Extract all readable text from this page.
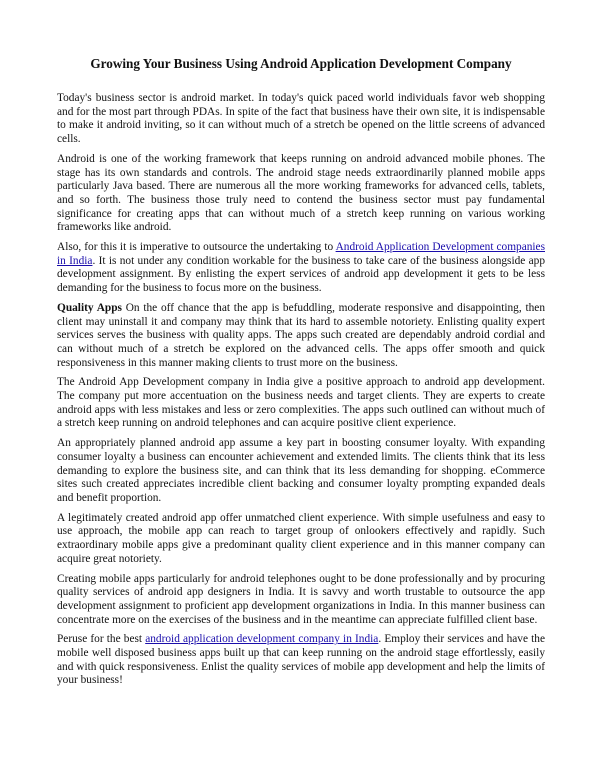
Growing Your Business Using Android Application Development Company

Today's business sector is android market. In today's quick paced world individuals favor web shopping and for the most part through PDAs. In spite of the fact that business have their own site, it is indispensable to make it android inviting, so it can without much of a stretch be opened on the little screens of advanced cells.

Android is one of the working framework that keeps running on android advanced mobile phones. The stage has its own standards and controls. The android stage needs extraordinarily planned mobile apps particularly Java based. There are numerous all the more working frameworks for advanced cells, tablets, and so forth. The business those truly need to contend the business sector must pay fundamental significance for creating apps that can without much of a stretch keep running on various working frameworks like android.

Also, for this it is imperative to outsource the undertaking to Android Application Development companies in India. It is not under any condition workable for the business to take care of the business alongside app development assignment. By enlisting the expert services of android app development it gets to be less demanding for the business to focus more on the business.

Quality Apps On the off chance that the app is befuddling, moderate responsive and disappointing, then client may uninstall it and company may think that its hard to assemble notoriety. Enlisting quality expert services serves the business with quality apps. The apps such created are dependably android cordial and can without much of a stretch be explored on the advanced cells. The apps offer smooth and quick responsiveness in this manner making clients to trust more on the business.

The Android App Development company in India give a positive approach to android app development. The company put more accentuation on the business needs and target clients. They are experts to create android apps with less mistakes and less or zero complexities. The apps such outlined can without much of a stretch keep running on android telephones and can acquire positive client experience.

An appropriately planned android app assume a key part in boosting consumer loyalty. With expanding consumer loyalty a business can encounter achievement and extended limits. The clients think that its less demanding to explore the business site, and can think that its less demanding for shopping. eCommerce sites such created appreciates incredible client backing and consumer loyalty prompting expanded deals and benefit proportion.

A legitimately created android app offer unmatched client experience. With simple usefulness and easy to use approach, the mobile app can reach to target group of onlookers effectively and rapidly. Such extraordinary mobile apps give a predominant quality client experience and in this manner company can acquire great notoriety.

Creating mobile apps particularly for android telephones ought to be done professionally and by procuring quality services of android app designers in India. It is savvy and worth trustable to outsource the app development assignment to proficient app development organizations in India. In this manner business can concentrate more on the exercises of the business and in the meantime can appreciate fulfilled client base.

Peruse for the best android application development company in India. Employ their services and have the mobile well disposed business apps built up that can keep running on the android stage effortlessly, easily and with quick responsiveness. Enlist the quality services of mobile app development and help the limits of your business!
